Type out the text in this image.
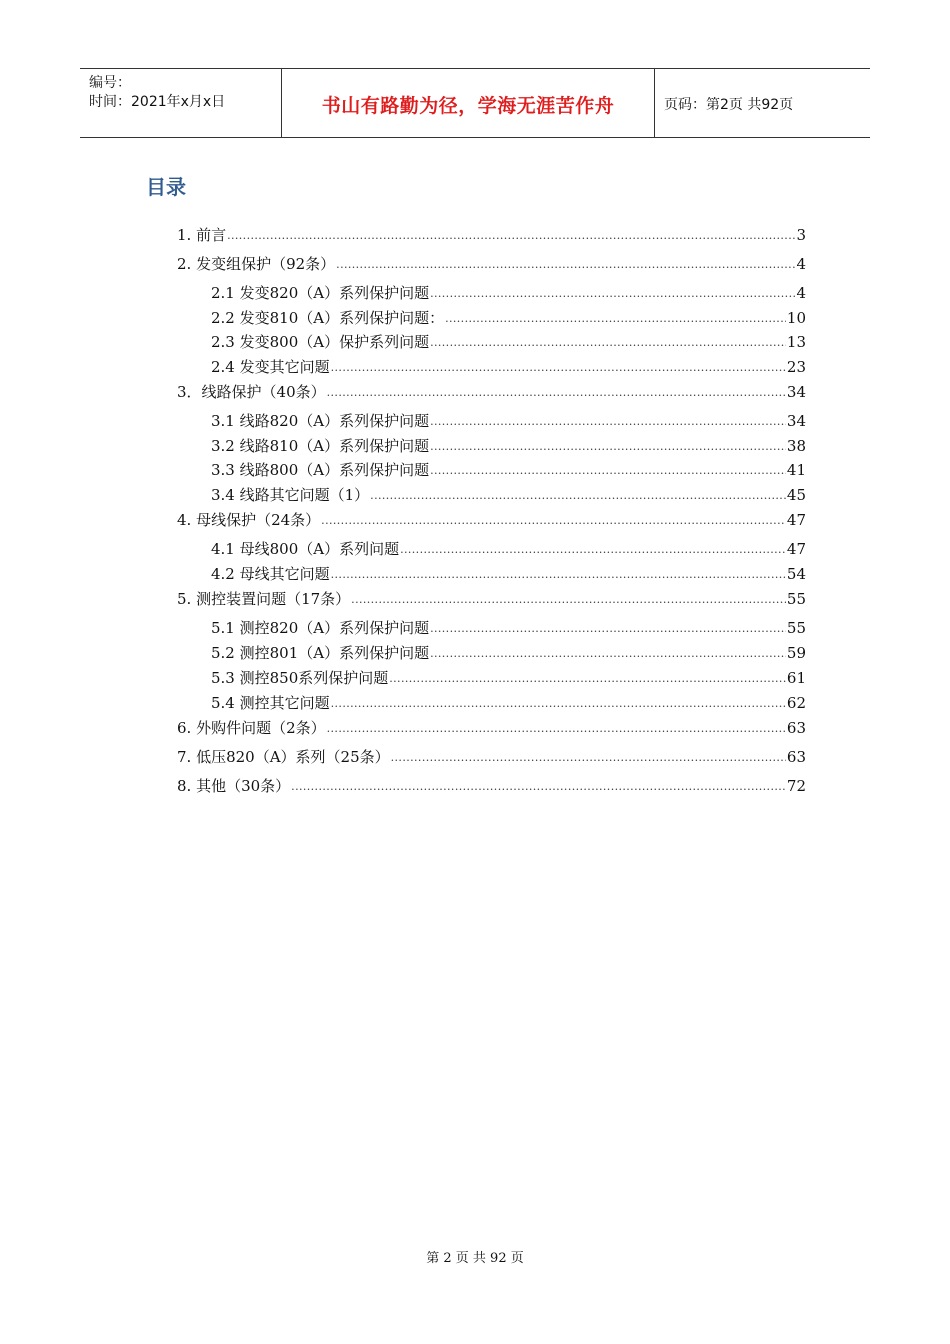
编号：
时间：2021年x月x日	书山有路勤为径，学海无涯苦作舟	页码：第2页 共92页
目录
1. 前言 .....	3
2. 发变组保护（92条） .....	4
2.1 发变820（A）系列保护问题 .....	4
2.2 发变810（A）系列保护问题： .....	10
2.3 发变800（A）保护系列问题 .....	13
2.4 发变其它问题 .....	23
3．线路保护（40条） .....	34
3.1 线路820（A）系列保护问题 .....	34
3.2 线路810（A）系列保护问题 .....	38
3.3 线路800（A）系列保护问题 .....	41
3.4 线路其它问题（1） .....	45
4. 母线保护（24条） .....	47
4.1 母线800（A）系列问题 .....	47
4.2 母线其它问题 .....	54
5. 测控装置问题（17条） .....	55
5.1 测控820（A）系列保护问题 .....	55
5.2 测控801（A）系列保护问题 .....	59
5.3 测控850系列保护问题 .....	61
5.4 测控其它问题 .....	62
6. 外购件问题（2条） .....	63
7. 低压820（A）系列（25条） .....	63
8. 其他（30条） .....	72
第 2 页 共 92 页
